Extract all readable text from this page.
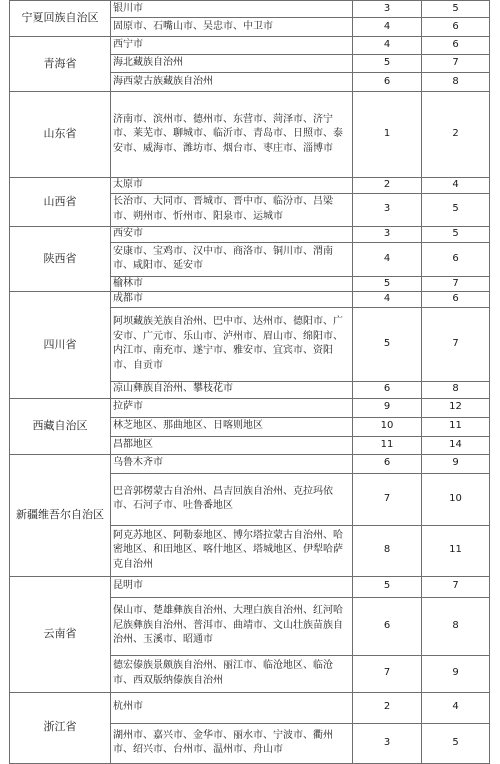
宁夏回族自治区	银川市	3	5
	固原市、石嘴山市、吴忠市、中卫市	4	6
青海省	西宁市	4	6
	海北藏族自治州	5	7
	海西蒙古族藏族自治州	6	8
山东省	济南市、滨州市、德州市、东营市、菏泽市、济宁市、莱芜市、聊城市、临沂市、青岛市、日照市、泰安市、威海市、潍坊市、烟台市、枣庄市、淄博市	1	2
山西省	太原市	2	4
	长治市、大同市、晋城市、晋中市、临汾市、吕梁市、朔州市、忻州市、阳泉市、运城市	3	5
陕西省	西安市	3	5
	安康市、宝鸡市、汉中市、商洛市、铜川市、渭南市、咸阳市、延安市	4	6
	榆林市	5	7
四川省	成都市	4	6
	阿坝藏族羌族自治州、巴中市、达州市、德阳市、广安市、广元市、乐山市、泸州市、眉山市、绵阳市、内江市、南充市、遂宁市、雅安市、宜宾市、资阳市、自贡市	5	7
	凉山彝族自治州、攀枝花市	6	8
西藏自治区	拉萨市	9	12
	林芝地区、那曲地区、日喀则地区	10	11
	昌都地区	11	14
新疆维吾尔自治区	乌鲁木齐市	6	9
	巴音郭楞蒙古自治州、昌吉回族自治州、克拉玛依市、石河子市、吐鲁番地区	7	10
	阿克苏地区、阿勒泰地区、博尔塔拉蒙古自治州、哈密地区、和田地区、喀什地区、塔城地区、伊犁哈萨克自治州	8	11
云南省	昆明市	5	7
	保山市、楚雄彝族自治州、大理白族自治州、红河哈尼族彝族自治州、普洱市、曲靖市、文山壮族苗族自治州、玉溪市、昭通市	6	8
	德宏傣族景颇族自治州、丽江市、临沧地区、临沧市、西双版纳傣族自治州	7	9
浙江省	杭州市	2	4
	湖州市、嘉兴市、金华市、丽水市、宁波市、衢州市、绍兴市、台州市、温州市、舟山市	3	5
